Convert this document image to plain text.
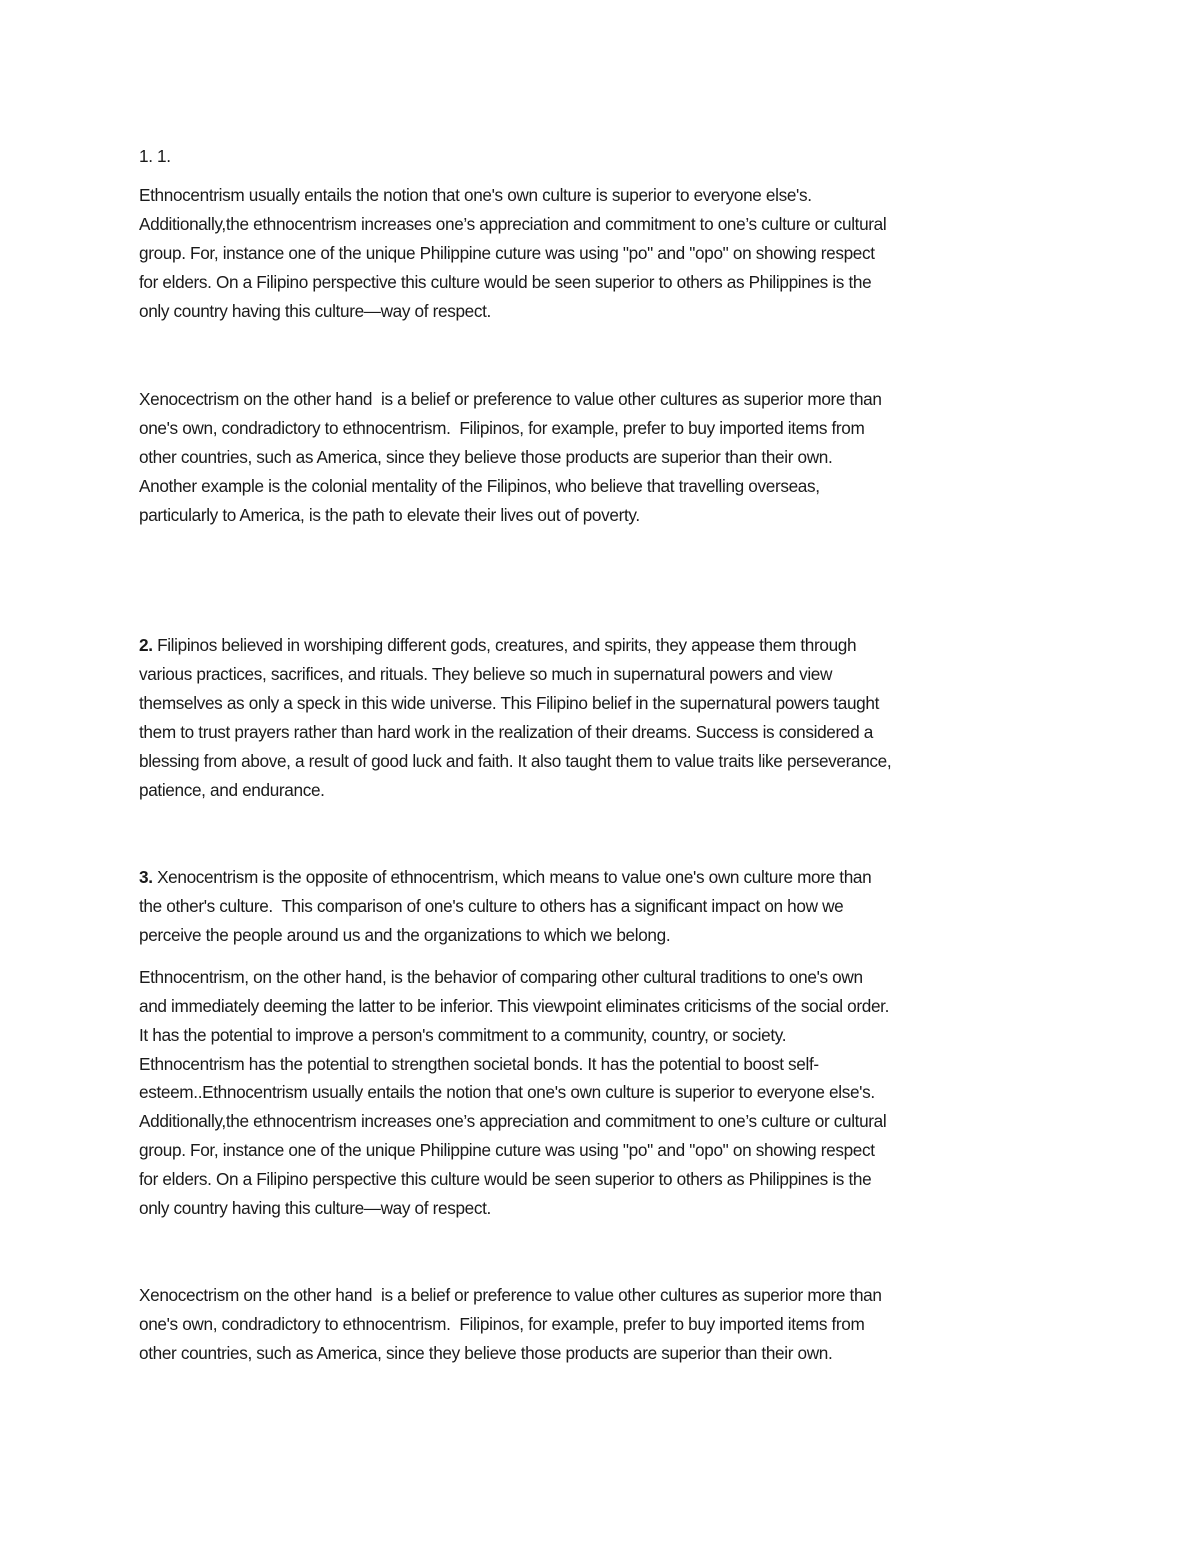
1. 1.
Ethnocentrism usually entails the notion that one's own culture is superior to everyone else's.
Additionally,the ethnocentrism increases one’s appreciation and commitment to one’s culture or cultural
group. For, instance one of the unique Philippine cuture was using "po" and "opo" on showing respect
for elders. On a Filipino perspective this culture would be seen superior to others as Philippines is the
only country having this culture—way of respect.
Xenocectrism on the other hand  is a belief or preference to value other cultures as superior more than
one's own, condradictory to ethnocentrism.  Filipinos, for example, prefer to buy imported items from
other countries, such as America, since they believe those products are superior than their own.
Another example is the colonial mentality of the Filipinos, who believe that travelling overseas,
particularly to America, is the path to elevate their lives out of poverty.
2. Filipinos believed in worshiping different gods, creatures, and spirits, they appease them through
various practices, sacrifices, and rituals. They believe so much in supernatural powers and view
themselves as only a speck in this wide universe. This Filipino belief in the supernatural powers taught
them to trust prayers rather than hard work in the realization of their dreams. Success is considered a
blessing from above, a result of good luck and faith. It also taught them to value traits like perseverance,
patience, and endurance.
3. Xenocentrism is the opposite of ethnocentrism, which means to value one's own culture more than
the other's culture.  This comparison of one's culture to others has a significant impact on how we
perceive the people around us and the organizations to which we belong.
Ethnocentrism, on the other hand, is the behavior of comparing other cultural traditions to one's own
and immediately deeming the latter to be inferior. This viewpoint eliminates criticisms of the social order.
It has the potential to improve a person's commitment to a community, country, or society.
Ethnocentrism has the potential to strengthen societal bonds. It has the potential to boost self-
esteem..Ethnocentrism usually entails the notion that one's own culture is superior to everyone else's.
Additionally,the ethnocentrism increases one’s appreciation and commitment to one’s culture or cultural
group. For, instance one of the unique Philippine cuture was using "po" and "opo" on showing respect
for elders. On a Filipino perspective this culture would be seen superior to others as Philippines is the
only country having this culture—way of respect.
Xenocectrism on the other hand  is a belief or preference to value other cultures as superior more than
one's own, condradictory to ethnocentrism.  Filipinos, for example, prefer to buy imported items from
other countries, such as America, since they believe those products are superior than their own.
